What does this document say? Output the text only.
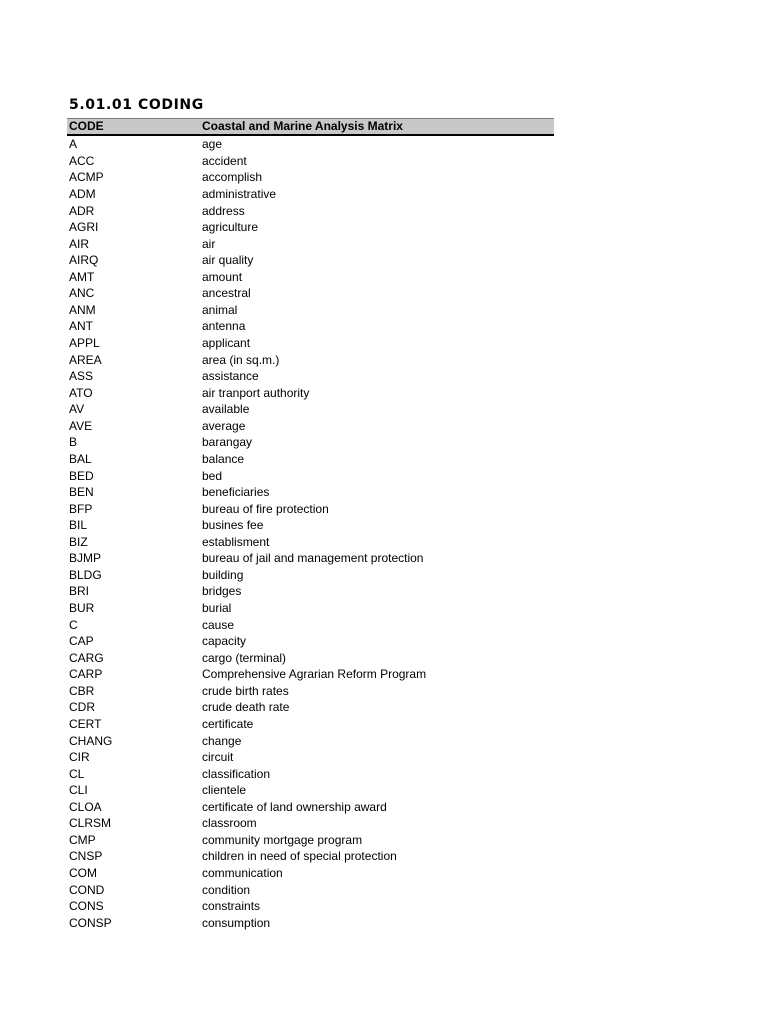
5.01.01 CODING
CODE	Coastal and Marine Analysis Matrix
A	age
ACC	accident
ACMP	accomplish
ADM	administrative
ADR	address
AGRI	agriculture
AIR	air
AIRQ	air quality
AMT	amount
ANC	ancestral
ANM	animal
ANT	antenna
APPL	applicant
AREA	area (in sq.m.)
ASS	assistance
ATO	air tranport authority
AV	available
AVE	average
B	barangay
BAL	balance
BED	bed
BEN	beneficiaries
BFP	bureau of fire protection
BIL	busines fee
BIZ	establisment
BJMP	bureau of jail and management protection
BLDG	building
BRI	bridges
BUR	burial
C	cause
CAP	capacity
CARG	cargo (terminal)
CARP	Comprehensive Agrarian Reform Program
CBR	crude birth rates
CDR	crude death rate
CERT	certificate
CHANG	change
CIR	circuit
CL	classification
CLI	clientele
CLOA	certificate of land ownership award
CLRSM	classroom
CMP	community mortgage program
CNSP	children in need of special protection
COM	communication
COND	condition
CONS	constraints
CONSP	consumption
